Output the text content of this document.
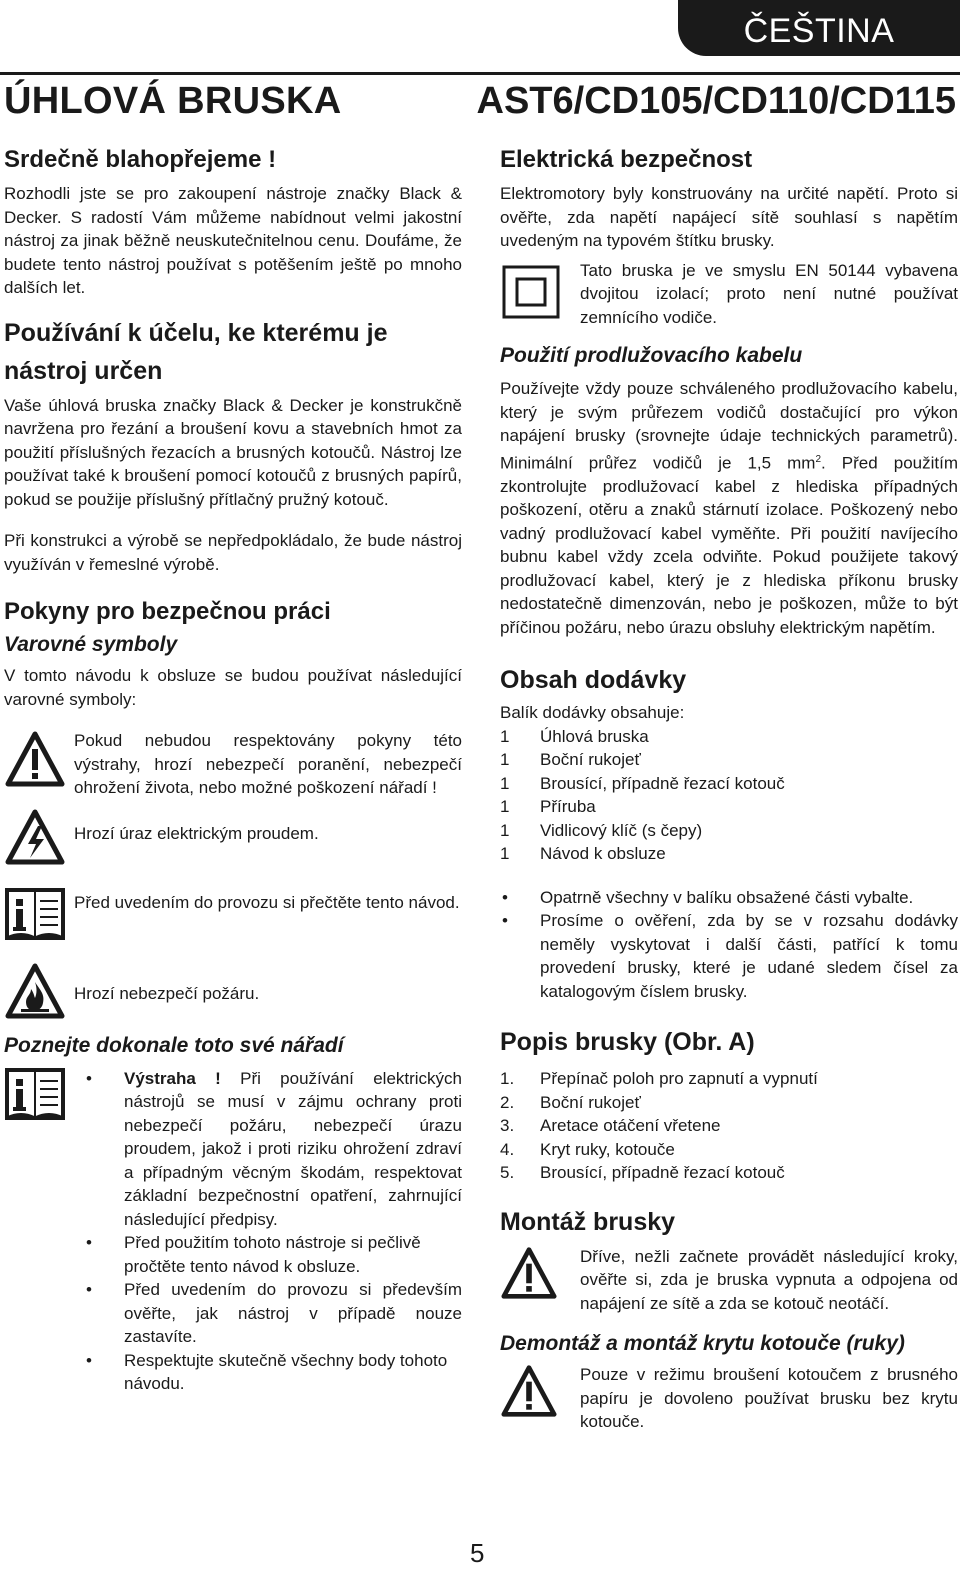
ČEŠTINA
ÚHLOVÁ BRUSKA	AST6/CD105/CD110/CD115
Srdečně blahopřejeme !

Rozhodli jste se pro zakoupení nástroje značky Black & Decker. S radostí Vám můžeme nabídnout velmi jakostní nástroj za jinak běžně neuskutečnitelnou cenu. Doufáme, že budete tento nástroj používat s potěšením ještě po mnoho dalších let.

Používání k účelu, ke kterému je nástroj určen

Vaše úhlová bruska značky Black & Decker je konstrukčně navržena pro řezání a broušení kovu a stavebních hmot za použití příslušných řezacích a brusných kotoučů. Nástroj lze používat také k broušení pomocí kotoučů z brusných papírů, pokud se použije příslušný přítlačný pružný kotouč.

Při konstrukci a výrobě se nepředpokládalo, že bude nástroj využíván v řemeslné výrobě.

Pokyny pro bezpečnou práci
Varovné symboly

V tomto návodu k obsluze se budou používat následující varovné symboly:

Pokud nebudou respektovány pokyny této výstrahy, hrozí nebezpečí poranění, nebezpečí ohrožení života, nebo možné poškození nářadí !

Hrozí úraz elektrickým proudem.

Před uvedením do provozu si přečtěte tento návod.

Hrozí nebezpečí požáru.

Poznejte dokonale toto své nářadí
•	Výstraha ! Při používání elektrických nástrojů se musí v zájmu ochrany proti nebezpečí požáru, nebezpečí úrazu proudem, jakož i proti riziku ohrožení zdraví a případným věcným škodám, respektovat základní bezpečnostní opatření, zahrnující následující předpisy.

•	Před použitím tohoto nástroje si pečlivě pročtěte tento návod k obsluze.

•	Před uvedením do provozu si především ověřte, jak nástroj v případě nouze zastavíte.

•	Respektujte skutečně všechny body tohoto návodu.

Elektrická bezpečnost

Elektromotory byly konstruovány na určité napětí. Proto si ověřte, zda napětí napájecí sítě souhlasí s napětím uvedeným na typovém štítku brusky.

Tato bruska je ve smyslu EN 50144 vybavena dvojitou izolací; proto není nutné používat zemnícího vodiče.

Použití prodlužovacího kabelu

Používejte vždy pouze schváleného prodlužovacího kabelu, který je svým průřezem vodičů dostačující pro výkon napájení brusky (srovnejte údaje technických parametrů). Minimální průřez vodičů je 1,5 $mm^2$. Před použitím zkontrolujte prodlužovací kabel z hlediska případných poškození, otěru a znaků stárnutí izolace. Poškozený nebo vadný prodlužovací kabel vyměňte. Při použití navíjecího bubnu kabel vždy zcela odviňte. Pokud použijete takový prodlužovací kabel, který je z hlediska příkonu brusky nedostatečně dimenzován, nebo je poškozen, může to být příčinou požáru, nebo úrazu obsluhy elektrickým napětím.

Obsah dodávky

Balík dodávky obsahuje:

1	Úhlová bruska
1	Boční rukojeť
1	Brousící, případně řezací kotouč
1	Příruba
1	Vidlicový klíč (s čepy)
1	Návod k obsluze
•	Opatrně všechny v balíku obsažené části vybalte.

•	Prosíme o ověření, zda by se v rozsahu dodávky neměly vyskytovat i další části, patřící k tomu provedení brusky, které je udané sledem čísel za katalogovým číslem brusky.

Popis brusky (Obr. A)
1.	Přepínač poloh pro zapnutí a vypnutí
2.	Boční rukojeť
3.	Aretace otáčení vřetene
4.	Kryt ruky, kotouče
5.	Brousící, případně řezací kotouč
Montáž brusky

Dříve, nežli začnete provádět následující kroky, ověřte si, zda je bruska vypnuta a odpojena od napájení ze sítě a zda se kotouč neotáčí.

Demontáž a montáž krytu kotouče (ruky)

Pouze v režimu broušení kotoučem z brusného papíru je dovoleno používat brusku bez krytu kotouče.

5
